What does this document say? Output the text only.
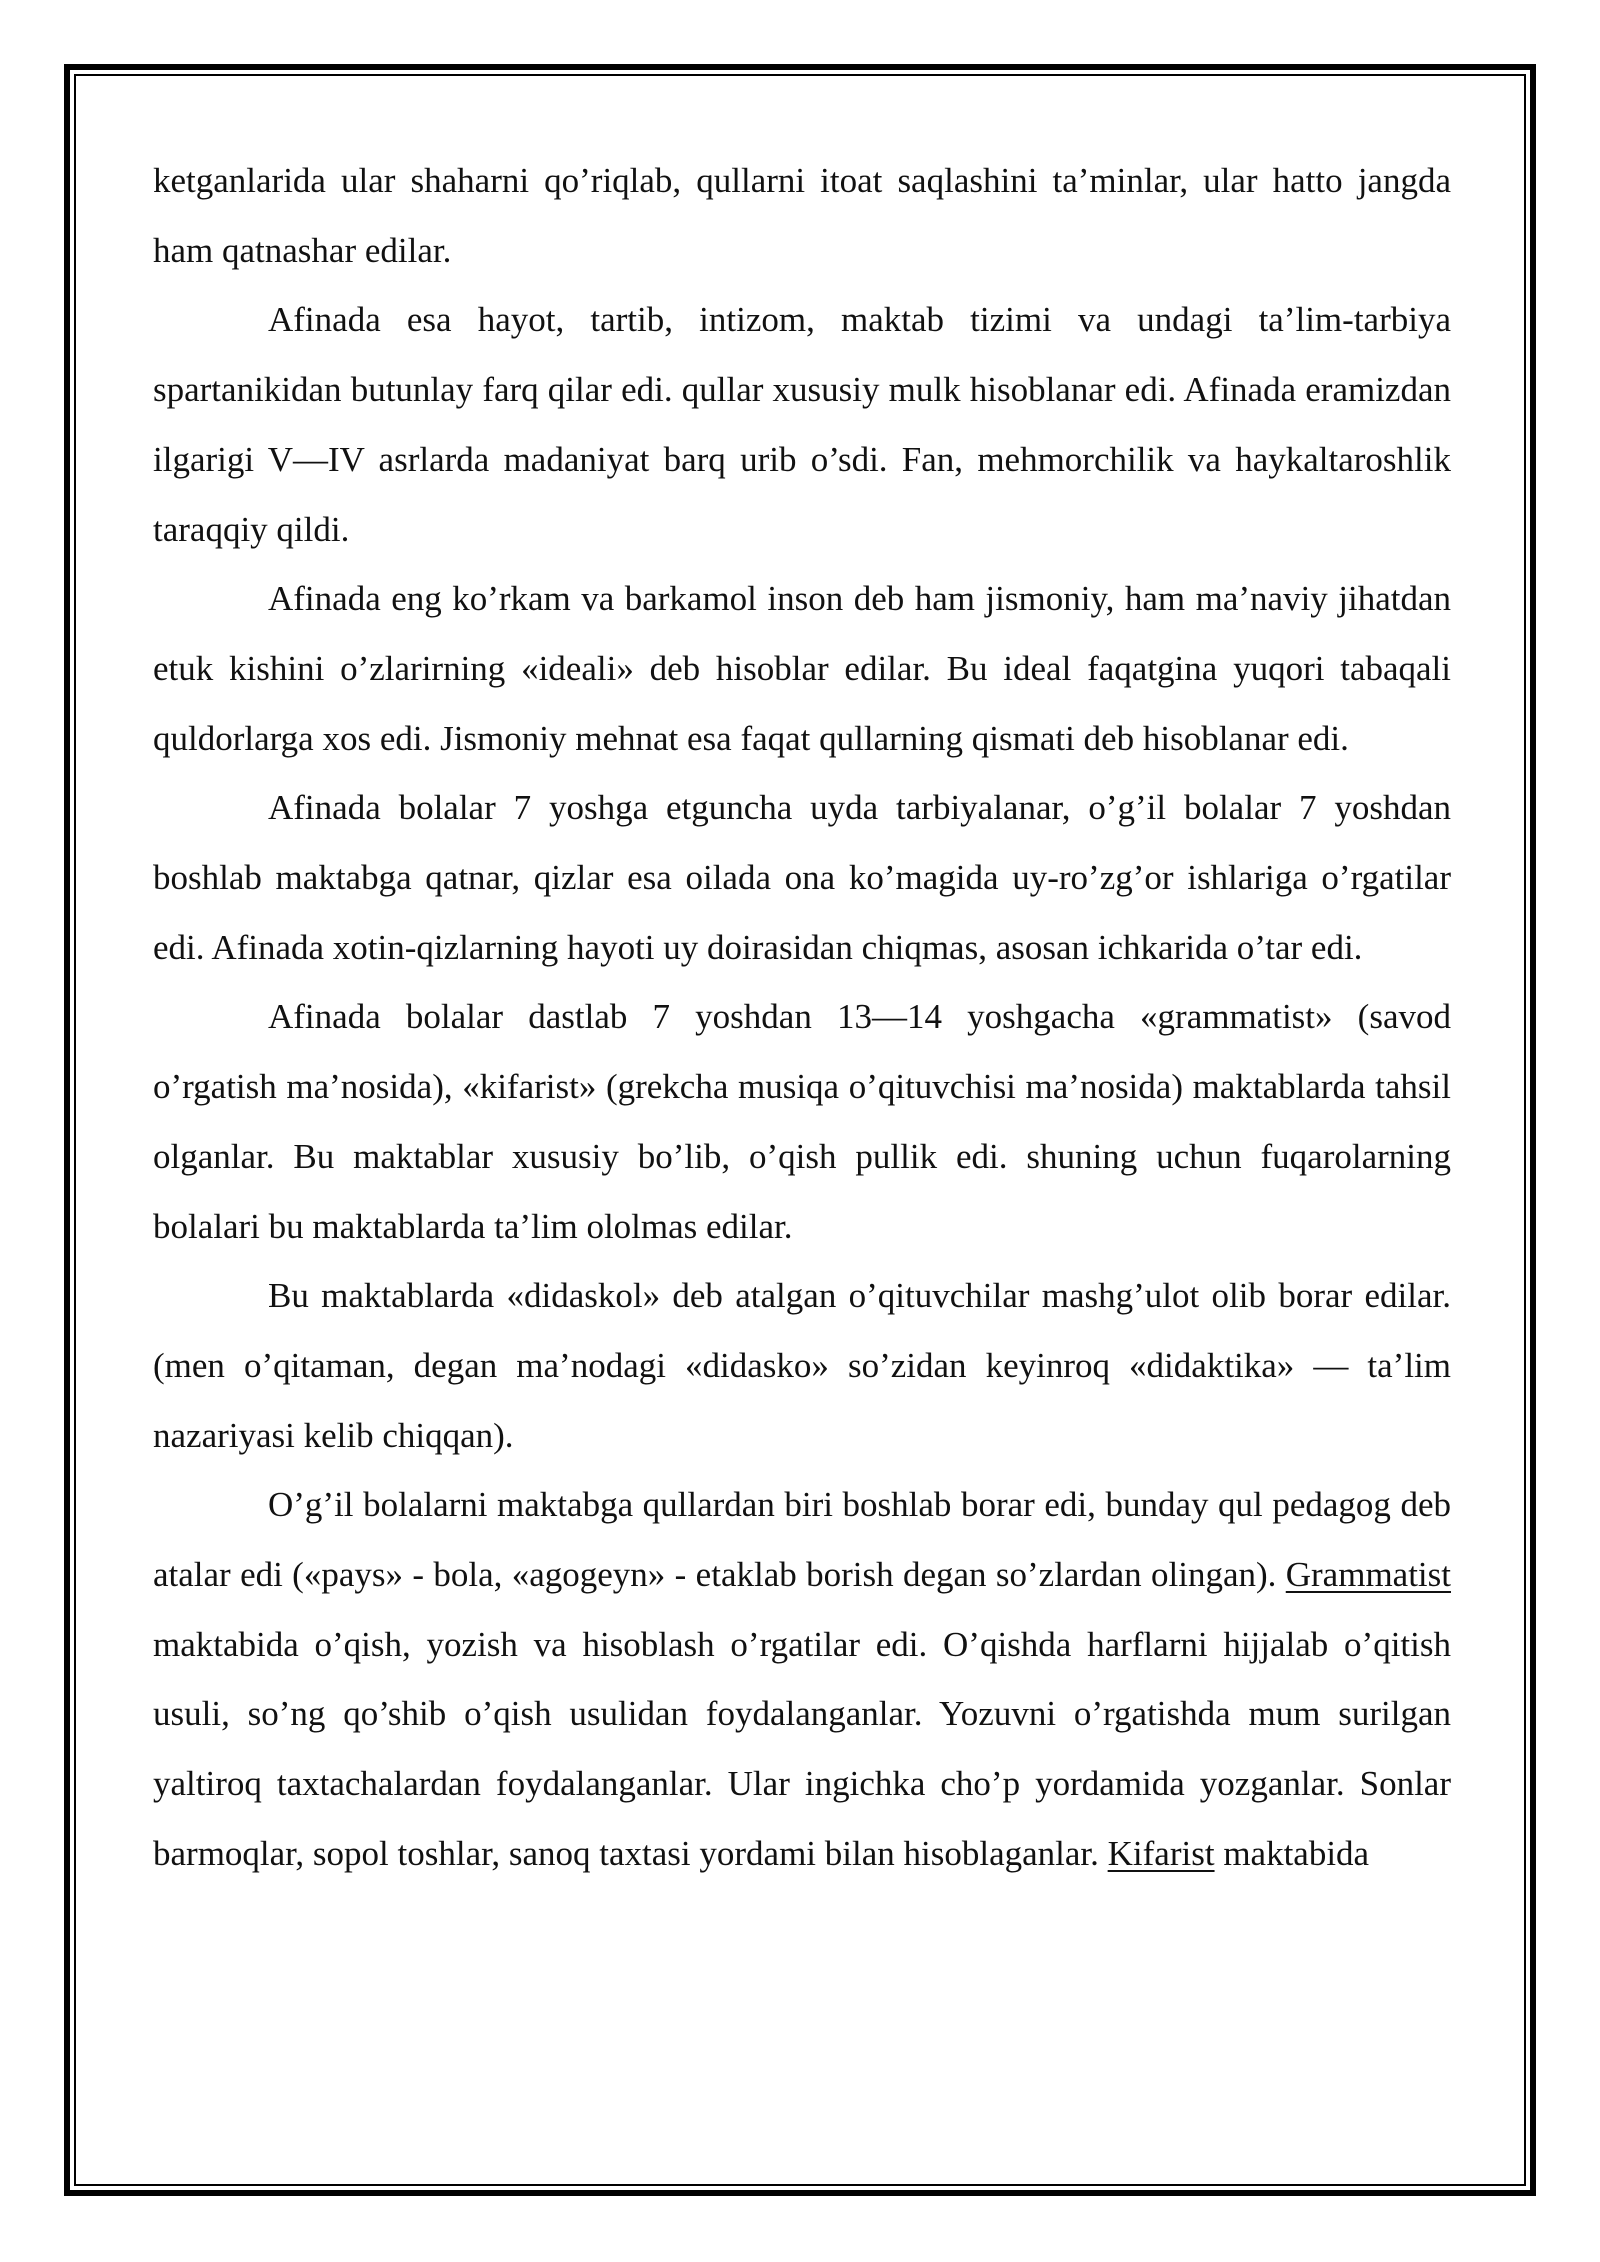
ketganlarida ular shaharni qo’riqlab, qullarni itoat saqlashini ta’minlar, ular hatto jangda ham qatnashar edilar.

Afinada esa hayot, tartib, intizom, maktab tizimi va undagi ta’lim-tarbiya spartanikidan butunlay farq qilar edi. qullar xususiy mulk hisoblanar edi. Afinada eramizdan ilgarigi V—IV asrlarda madaniyat barq urib o’sdi. Fan, mehmorchilik va haykaltaroshlik taraqqiy qildi.

Afinada eng ko’rkam va barkamol inson deb ham jismoniy, ham ma’naviy jihatdan etuk kishini o’zlarirning «ideali» deb hisoblar edilar. Bu ideal faqatgina yuqori tabaqali quldorlarga xos edi. Jismoniy mehnat esa faqat qullarning qismati deb hisoblanar edi.

Afinada bolalar 7 yoshga etguncha uyda tarbiyalanar, o’g’il bolalar 7 yoshdan boshlab maktabga qatnar, qizlar esa oilada ona ko’magida uy-ro’zg’or ishlariga o’rgatilar edi. Afinada xotin-qizlarning hayoti uy doirasidan chiqmas, asosan ichkarida o’tar edi.

Afinada bolalar dastlab 7 yoshdan 13—14 yoshgacha «grammatist» (savod o’rgatish ma’nosida), «kifarist» (grekcha musiqa o’qituvchisi ma’nosida) maktablarda tahsil olganlar. Bu maktablar xususiy bo’lib, o’qish pullik edi. shuning uchun fuqarolarning bolalari bu maktablarda ta’lim ololmas edilar.

Bu maktablarda «didaskol» deb atalgan o’qituvchilar mashg’ulot olib borar edilar. (men o’qitaman, degan ma’nodagi «didasko» so’zidan keyinroq «didaktika» — ta’lim nazariyasi kelib chiqqan).

O’g’il bolalarni maktabga qullardan biri boshlab borar edi, bunday qul pedagog deb atalar edi («pays» - bola, «agogeyn» - etaklab borish degan so’zlardan olingan). Grammatist maktabida o’qish, yozish va hisoblash o’rgatilar edi. O’qishda harflarni hijjalab o’qitish usuli, so’ng qo’shib o’qish usulidan foydalanganlar. Yozuvni o’rgatishda mum surilgan yaltiroq taxtachalardan foydalanganlar. Ular ingichka cho’p yordamida yozganlar. Sonlar barmoqlar, sopol toshlar, sanoq taxtasi yordami bilan hisoblaganlar. Kifarist maktabida
